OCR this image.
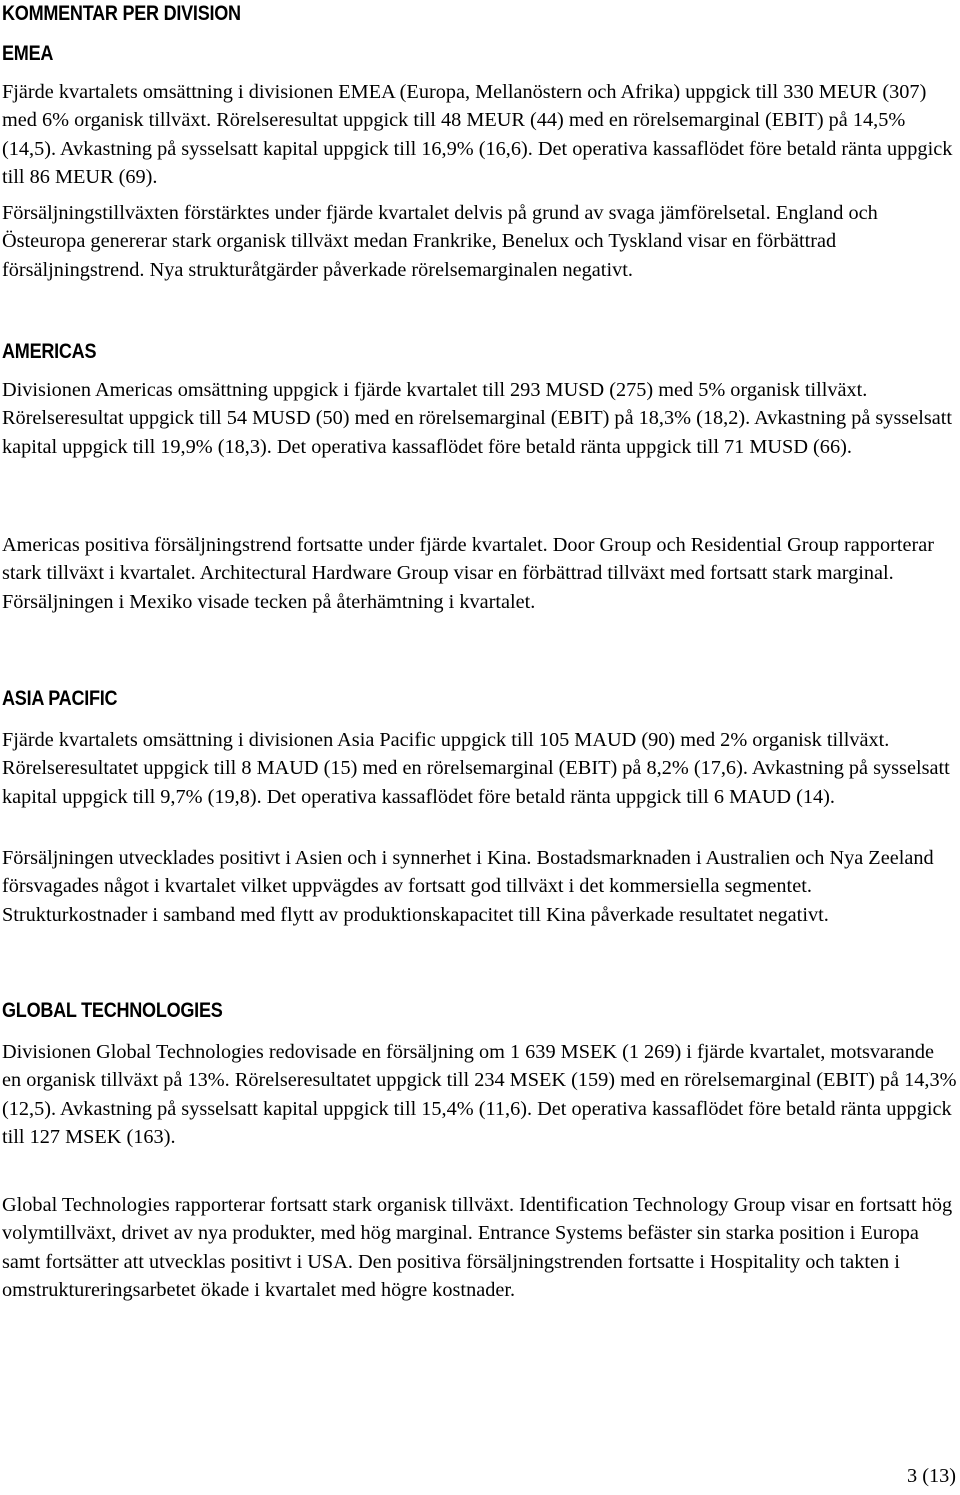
KOMMENTAR PER DIVISION
EMEA

Fjärde kvartalets omsättning i divisionen EMEA (Europa, Mellanöstern och Afrika) uppgick till 330 MEUR (307) med 6% organisk tillväxt. Rörelseresultat uppgick till 48 MEUR (44) med en rörelsemarginal (EBIT) på 14,5% (14,5). Avkastning på sysselsatt kapital uppgick till 16,9% (16,6). Det operativa kassaflödet före betald ränta uppgick till 86 MEUR (69).

Försäljningstillväxten förstärktes under fjärde kvartalet delvis på grund av svaga jämförelsetal. England och Östeuropa genererar stark organisk tillväxt medan Frankrike, Benelux och Tyskland visar en förbättrad försäljningstrend. Nya strukturåtgärder påverkade rörelsemarginalen negativt.

AMERICAS

Divisionen Americas omsättning uppgick i fjärde kvartalet till 293 MUSD (275) med 5% organisk tillväxt. Rörelseresultat uppgick till 54 MUSD (50) med en rörelsemarginal (EBIT) på 18,3% (18,2). Avkastning på sysselsatt kapital uppgick till 19,9% (18,3). Det operativa kassaflödet före betald ränta uppgick till 71 MUSD (66).

Americas positiva försäljningstrend fortsatte under fjärde kvartalet. Door Group och Residential Group rapporterar stark tillväxt i kvartalet. Architectural Hardware Group visar en förbättrad tillväxt med fortsatt stark marginal. Försäljningen i Mexiko visade tecken på återhämtning i kvartalet.

ASIA PACIFIC

Fjärde kvartalets omsättning i divisionen Asia Pacific uppgick till 105 MAUD (90) med 2% organisk tillväxt. Rörelseresultatet uppgick till 8 MAUD (15) med en rörelsemarginal (EBIT) på 8,2% (17,6). Avkastning på sysselsatt kapital uppgick till 9,7% (19,8). Det operativa kassaflödet före betald ränta uppgick till 6 MAUD (14).

Försäljningen utvecklades positivt i Asien och i synnerhet i Kina. Bostadsmarknaden i Australien och Nya Zeeland försvagades något i kvartalet vilket uppvägdes av fortsatt god tillväxt i det kommersiella segmentet. Strukturkostnader i samband med flytt av produktionskapacitet till Kina påverkade resultatet negativt.

GLOBAL TECHNOLOGIES

Divisionen Global Technologies redovisade en försäljning om 1 639 MSEK (1 269) i fjärde kvartalet, motsvarande en organisk tillväxt på 13%. Rörelseresultatet uppgick till 234 MSEK (159) med en rörelsemarginal (EBIT) på 14,3% (12,5). Avkastning på sysselsatt kapital uppgick till 15,4% (11,6). Det operativa kassaflödet före betald ränta uppgick till 127 MSEK (163).

Global Technologies rapporterar fortsatt stark organisk tillväxt. Identification Technology Group visar en fortsatt hög volymtillväxt, drivet av nya produkter, med hög marginal. Entrance Systems befäster sin starka position i Europa samt fortsätter att utvecklas positivt i USA. Den positiva försäljningstrenden fortsatte i Hospitality och takten i omstruktureringsarbetet ökade i kvartalet med högre kostnader.

3 (13)
